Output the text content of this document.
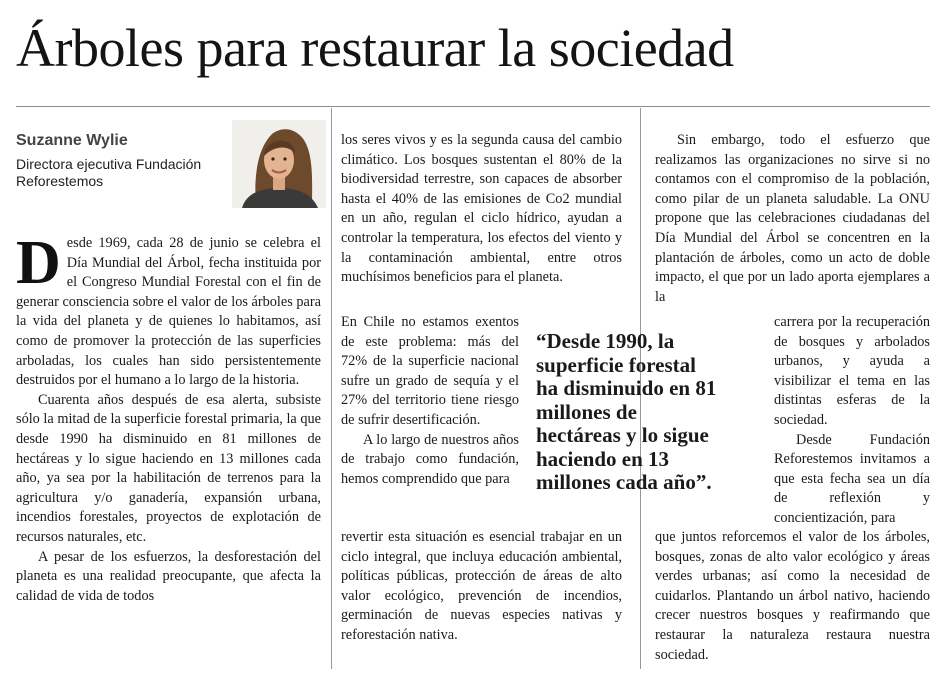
Árboles para restaurar la sociedad
Suzanne Wylie
Directora ejecutiva Fundación Reforestemos

D esde 1969, cada 28 de junio se celebra el Día Mundial del Árbol, fecha instituida por el Congreso Mundial Forestal con el fin de generar consciencia sobre el valor de los árboles para la vida del planeta y de quienes lo habitamos, así como de promover la protección de las superficies arboladas, los cuales han sido persistentemente destruidos por el humano a lo largo de la historia.

Cuarenta años después de esa alerta, subsiste sólo la mitad de la superficie forestal primaria, la que desde 1990 ha disminuido en 81 millones de hectáreas y lo sigue haciendo en 13 millones cada año, ya sea por la habilitación de terrenos para la agricultura y/o ganadería, expansión urbana, incendios forestales, proyectos de explotación de recursos naturales, etc.

A pesar de los esfuerzos, la desforestación del planeta es una realidad preocupante, que afecta la calidad de vida de todos

los seres vivos y es la segunda causa del cambio climático. Los bosques sustentan el 80% de la biodiversidad terrestre, son capaces de absorber hasta el 40% de las emisiones de Co2 mundial en un año, regulan el ciclo hídrico, ayudan a controlar la temperatura, los efectos del viento y la contaminación ambiental, entre otros muchísimos beneficios para el planeta.

En Chile no estamos exentos de este problema: más del 72% de la superficie nacional sufre un grado de sequía y el 27% del territorio tiene riesgo de sufrir desertificación.

A lo largo de nuestros años de trabajo como fundación, hemos comprendido que para

revertir esta situación es esencial trabajar en un ciclo integral, que incluya educación ambiental, políticas públicas, protección de áreas de alto valor ecológico, prevención de incendios, germinación de nuevas especies nativas y reforestación nativa.

Sin embargo, todo el esfuerzo que realizamos las organizaciones no sirve si no contamos con el compromiso de la población, como pilar de un planeta saludable. La ONU propone que las celebraciones ciudadanas del Día Mundial del Árbol se concentren en la plantación de árboles, como un acto de doble impacto, el que por un lado aporta ejemplares a la

carrera por la recuperación de bosques y arbolados urbanos, y ayuda a visibilizar el tema en las distintas esferas de la sociedad.

Desde Fundación Reforestemos invitamos a que esta fecha sea un día de reflexión y concientización, para

que juntos reforcemos el valor de los árboles, bosques, zonas de alto valor ecológico y áreas verdes urbanas; así como la necesidad de cuidarlos. Plantando un árbol nativo, haciendo crecer nuestros bosques y reafirmando que restaurar la naturaleza restaura nuestra sociedad.

“Desde 1990, la
superficie forestal
ha disminuido en 81
millones de
hectáreas y lo sigue
haciendo en 13
millones cada año”.
